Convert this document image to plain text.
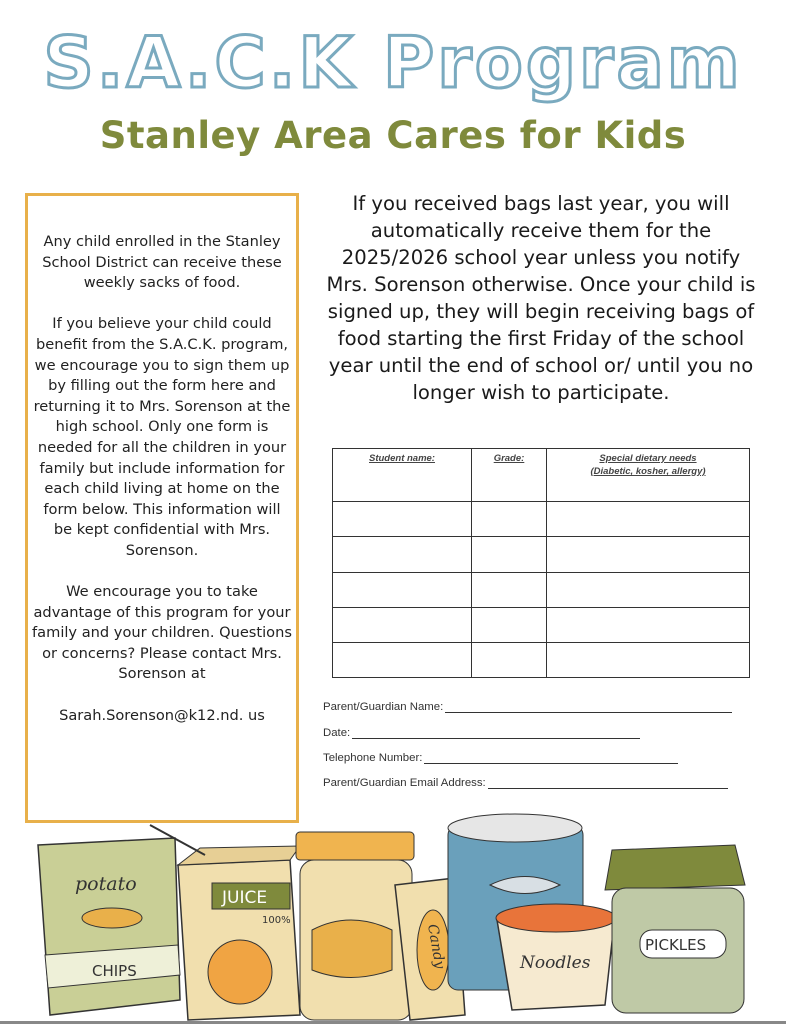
S.A.C.K Program
Stanley Area Cares for Kids

Any child enrolled in the Stanley School District can receive these weekly sacks of food.

If you believe your child could benefit from the S.A.C.K. program, we encourage you to sign them up by filling out the form here and returning it to Mrs. Sorenson at the high school. Only one form is needed for all the children in your family but include information for each child living at home on the form below. This information will be kept confidential with Mrs. Sorenson.

We encourage you to take advantage of this program for your family and your children. Questions or concerns? Please contact Mrs. Sorenson at

Sarah.Sorenson@k12.nd. us

If you received bags last year, you will automatically receive them for the 2025/2026 school year unless you notify Mrs. Sorenson otherwise. Once your child is signed up, they will begin receiving bags of food starting the first Friday of the school year until the end of school or/ until you no longer wish to participate.
Student name:	Grade:	Special dietary needs
(Diabetic, kosher, allergy)

Parent/Guardian Name:
Date:
Telephone Number:
Parent/Guardian Email Address:
potato
CHIPS
JUICE
100%
Candy	Noodles
PICKLES
